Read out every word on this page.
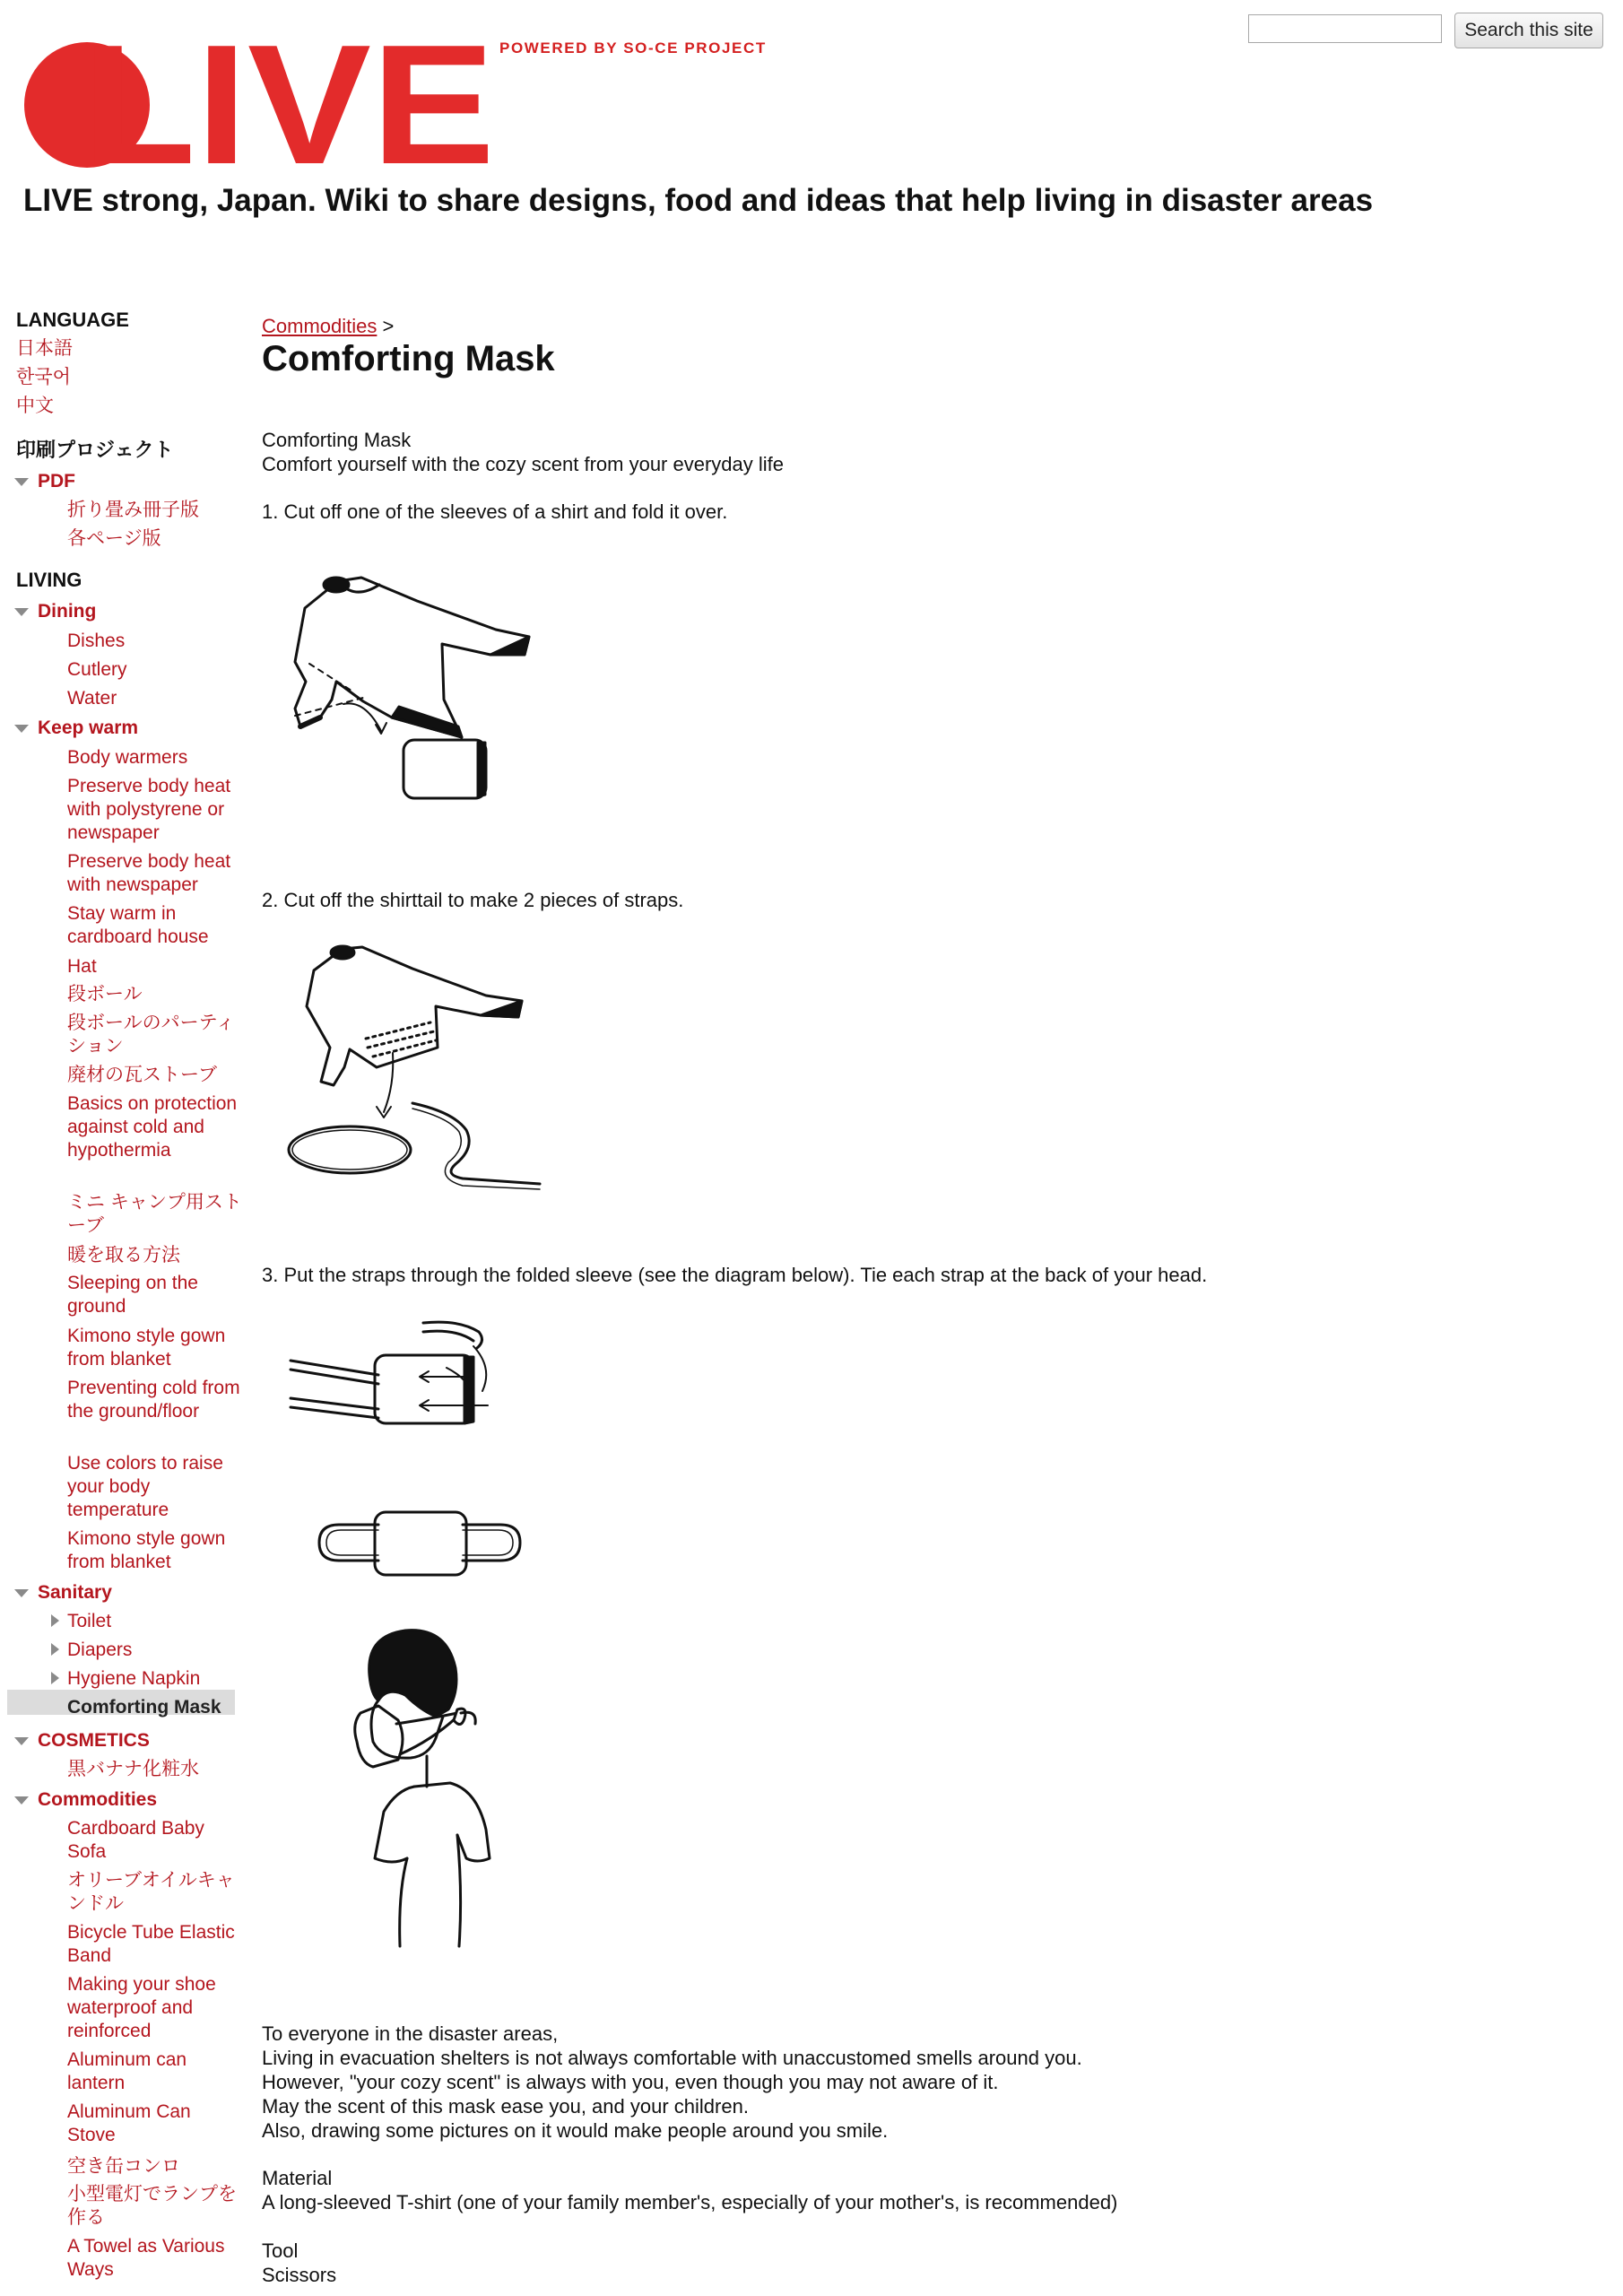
LIVE POWERED BY SO-CE PROJECT
Search this site
LIVE strong, Japan. Wiki to share designs, food and ideas that help living in disaster areas
LANGUAGE
日本語
한국어
中文
印刷プロジェクト
PDF
折り畳み冊子版
各ページ版
LIVING
Dining
Dishes
Cutlery
Water
Keep warm
Body warmers
Preserve body heat with polystyrene or newspaper
Preserve body heat with newspaper
Stay warm in cardboard house
Hat
段ボール
段ボールのパーティション
廃材の瓦ストーブ
Basics on protection against cold and hypothermia
ミニ キャンプ用ストーブ
暖を取る方法
Sleeping on the ground
Kimono style gown from blanket
Preventing cold from the ground/floor
Use colors to raise your body temperature
Kimono style gown from blanket
Sanitary
Toilet
Diapers
Hygiene Napkin
Comforting Mask
COSMETICS
黒バナナ化粧水
Commodities
Cardboard Baby Sofa
オリーブオイルキャンドル
Bicycle Tube Elastic Band
Making your shoe waterproof and reinforced
Aluminum can lantern
Aluminum Can Stove
空き缶コンロ
小型電灯でランプを作る
A Towel as Various Ways
Commodities >
Comforting Mask
Comforting Mask
Comfort yourself with the cozy scent from your everyday life
1. Cut off one of the sleeves of a shirt and fold it over.
2. Cut off the shirttail to make 2 pieces of straps.
3. Put the straps through the folded sleeve (see the diagram below). Tie each strap at the back of your head.
To everyone in the disaster areas,
Living in evacuation shelters is not always comfortable with unaccustomed smells around you.
However, "your cozy scent" is always with you, even though you may not aware of it.
May the scent of this mask ease you, and your children.
Also, drawing some pictures on it would make people around you smile.
Material
A long-sleeved T-shirt (one of your family member's, especially of your mother's, is recommended)
Tool
Scissors
